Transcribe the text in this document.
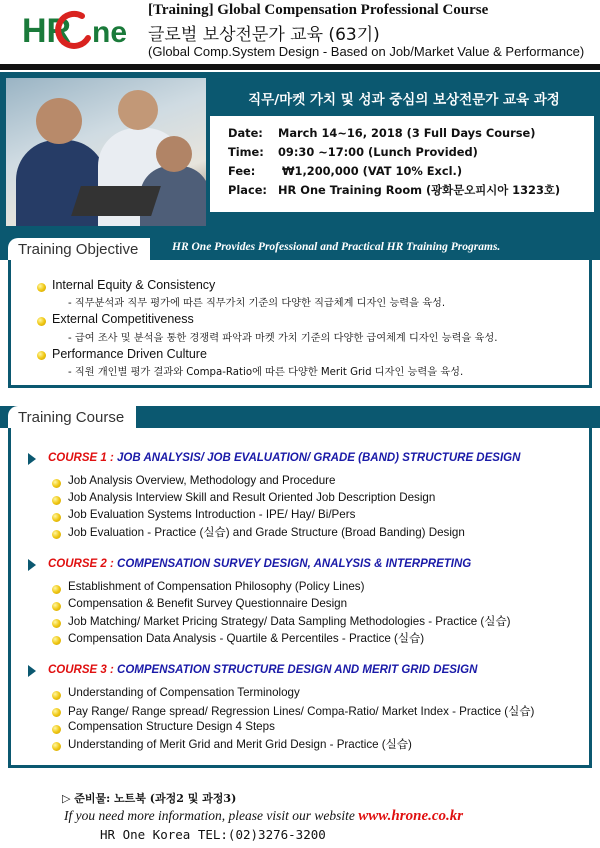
HR ne
[Training] Global Compensation Professional Course
글로벌 보상전문가 교육 (63기)
(Global Comp.System Design - Based on Job/Market Value & Performance)
직무/마켓 가치 및 성과 중심의 보상전문가 교육 과정
Date: March 14~16, 2018 (3 Full Days Course)
Time: 09:30 ~17:00 (Lunch Provided)
Fee: ₩1,200,000 (VAT 10% Excl.)
Place: HR One Training Room (광화문오피시아 1323호)
Training Objective	HR One Provides Professional and Practical HR Training Programs.
Internal Equity & Consistency
- 직무분석과 직무 평가에 따른 직무가치 기준의 다양한 직급체계 디자인 능력을 육성.
External Competitiveness
- 급여 조사 및 분석을 통한 경쟁력 파악과 마켓 가치 기준의 다양한 급여체계 디자인 능력을 육성.
Performance Driven Culture
- 직원 개인별 평가 결과와 Compa-Ratio에 따른 다양한 Merit Grid 디자인 능력을 육성.
Training Course
COURSE 1 : JOB ANALYSIS/ JOB EVALUATION/ GRADE (BAND) STRUCTURE DESIGN
Job Analysis Overview, Methodology and Procedure
Job Analysis Interview Skill and Result Oriented Job Description Design
Job Evaluation Systems Introduction - IPE/ Hay/ Bi/Pers
Job Evaluation - Practice (실습) and Grade Structure (Broad Banding) Design
COURSE 2 : COMPENSATION SURVEY DESIGN, ANALYSIS & INTERPRETING
Establishment of Compensation Philosophy (Policy Lines)
Compensation & Benefit Survey Questionnaire Design
Job Matching/ Market Pricing Strategy/ Data Sampling Methodologies - Practice (실습)
Compensation Data Analysis - Quartile & Percentiles - Practice (실습)
COURSE 3 : COMPENSATION STRUCTURE DESIGN AND MERIT GRID DESIGN
Understanding of Compensation Terminology
Pay Range/ Range spread/ Regression Lines/ Compa-Ratio/ Market Index - Practice (실습)
Compensation Structure Design 4 Steps
Understanding of Merit Grid and Merit Grid Design - Practice (실습)
▷ 준비물: 노트북 (과정2 및 과정3)
If you need more information, please visit our website www.hrone.co.kr
HR One Korea TEL:(02)3276-3200
